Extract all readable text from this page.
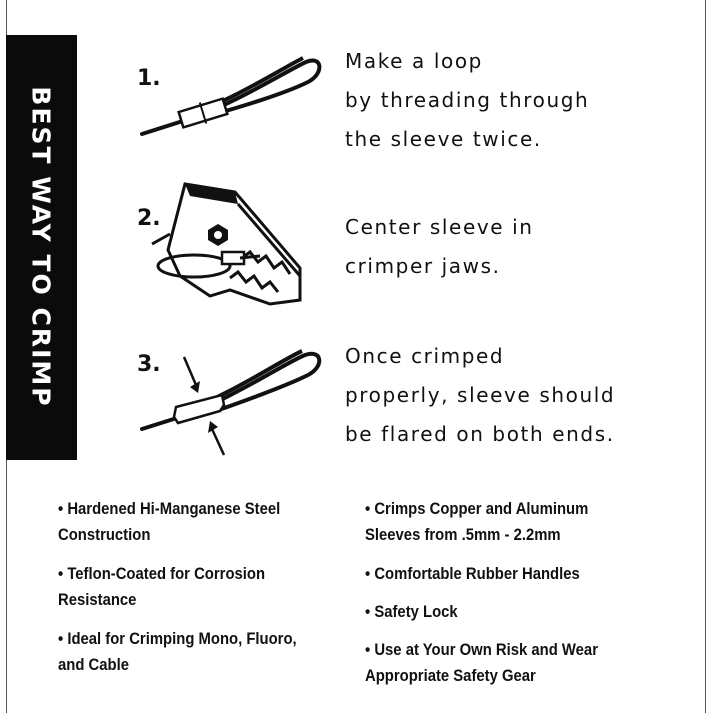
BEST WAY TO CRIMP
1.
Make a loop
by threading through
the sleeve twice.
2.	Center sleeve in
crimper jaws.
3.	Once crimped
properly, sleeve should
be flared on both ends.
• Hardened Hi-Manganese Steel
Construction
• Teflon-Coated for Corrosion
Resistance
• Ideal for Crimping Mono, Fluoro,
and Cable
• Crimps Copper and Aluminum
Sleeves from .5mm - 2.2mm
• Comfortable Rubber Handles
• Safety Lock
• Use at Your Own Risk and Wear
Appropriate Safety Gear
